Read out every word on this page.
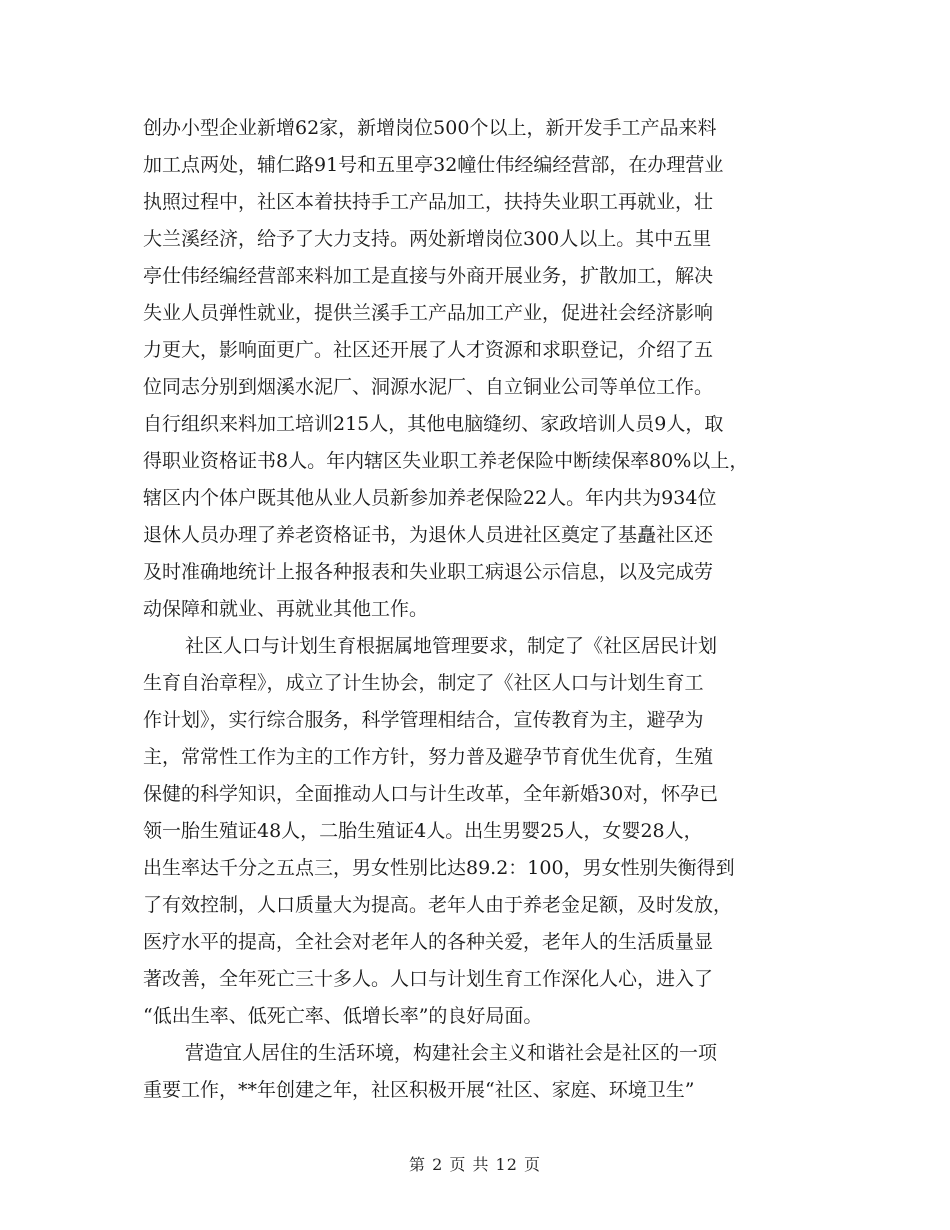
创办小型企业新增62家，新增岗位500个以上，新开发手工产品来料
加工点两处，辅仁路91号和五里亭32幢仕伟经编经营部，在办理营业
执照过程中，社区本着扶持手工产品加工，扶持失业职工再就业，壮
大兰溪经济，给予了大力支持。两处新增岗位300人以上。其中五里
亭仕伟经编经营部来料加工是直接与外商开展业务，扩散加工，解决
失业人员弹性就业，提供兰溪手工产品加工产业，促进社会经济影响
力更大，影响面更广。社区还开展了人才资源和求职登记，介绍了五
位同志分别到烟溪水泥厂、洞源水泥厂、自立铜业公司等单位工作。
自行组织来料加工培训215人，其他电脑缝纫、家政培训人员9人，取
得职业资格证书8人。年内辖区失业职工养老保险中断续保率80%以上，
辖区内个体户既其他从业人员新参加养老保险22人。年内共为934位
退休人员办理了养老资格证书，为退休人员进社区奠定了基矗社区还
及时准确地统计上报各种报表和失业职工病退公示信息，以及完成劳
动保障和就业、再就业其他工作。
社区人口与计划生育根据属地管理要求，制定了《社区居民计划
生育自治章程》，成立了计生协会，制定了《社区人口与计划生育工
作计划》，实行综合服务，科学管理相结合，宣传教育为主，避孕为
主，常常性工作为主的工作方针，努力普及避孕节育优生优育，生殖
保健的科学知识，全面推动人口与计生改革，全年新婚30对，怀孕已
领一胎生殖证48人，二胎生殖证4人。出生男婴25人，女婴28人，
出生率达千分之五点三，男女性别比达89.2：100，男女性别失衡得到
了有效控制，人口质量大为提高。老年人由于养老金足额，及时发放，
医疗水平的提高，全社会对老年人的各种关爱，老年人的生活质量显
著改善，全年死亡三十多人。人口与计划生育工作深化人心，进入了
“低出生率、低死亡率、低增长率”的良好局面。
营造宜人居住的生活环境，构建社会主义和谐社会是社区的一项
重要工作，**年创建之年，社区积极开展“社区、家庭、环境卫生”
第 2 页 共 12 页
